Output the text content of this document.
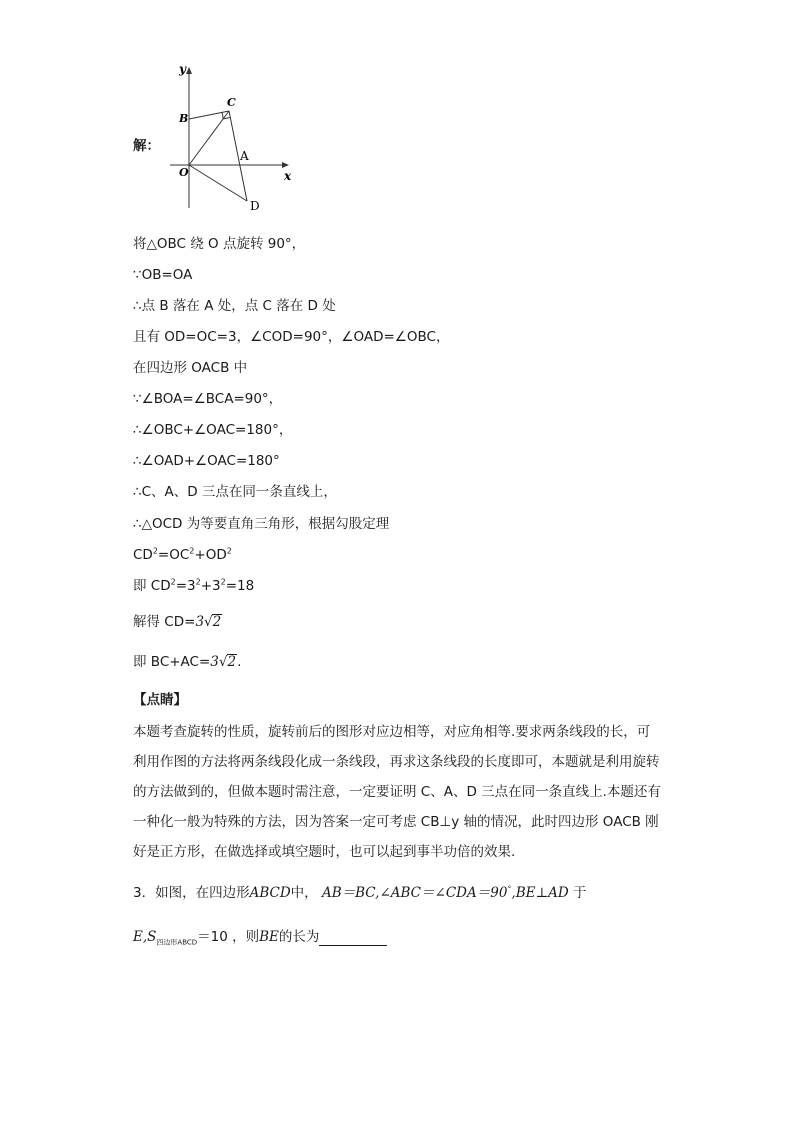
y
x
O
B
C
A
D
解：
将△OBC 绕 O 点旋转 90°，
∵OB=OA
∴点 B 落在 A 处，点 C 落在 D 处
且有 OD=OC=3，∠COD=90°，∠OAD=∠OBC，
在四边形 OACB 中
∵∠BOA=∠BCA=90°，
∴∠OBC+∠OAC=180°，
∴∠OAD+∠OAC=180°
∴C、A、D 三点在同一条直线上，
∴△OCD 为等要直角三角形，根据勾股定理
$CD^2=OC^2+OD^2$
即 $CD^2=3^2+3^2=18$
解得 CD=3√2
即 BC+AC=3√2.
【点睛】
本题考查旋转的性质，旋转前后的图形对应边相等，对应角相等.要求两条线段的长，可利用作图的方法将两条线段化成一条线段，再求这条线段的长度即可，本题就是利用旋转的方法做到的，但做本题时需注意，一定要证明 C、A、D 三点在同一条直线上.本题还有一种化一般为特殊的方法，因为答案一定可考虑 CB⊥y 轴的情况，此时四边形 OACB 刚好是正方形，在做选择或填空题时，也可以起到事半功倍的效果.
3．如图，在四边形ABCD中， AB＝BC,∠ABC＝∠CDA＝90°,BE⊥AD 于
$E,S_{四边形ABCD}=10$ ，则BE的长为
